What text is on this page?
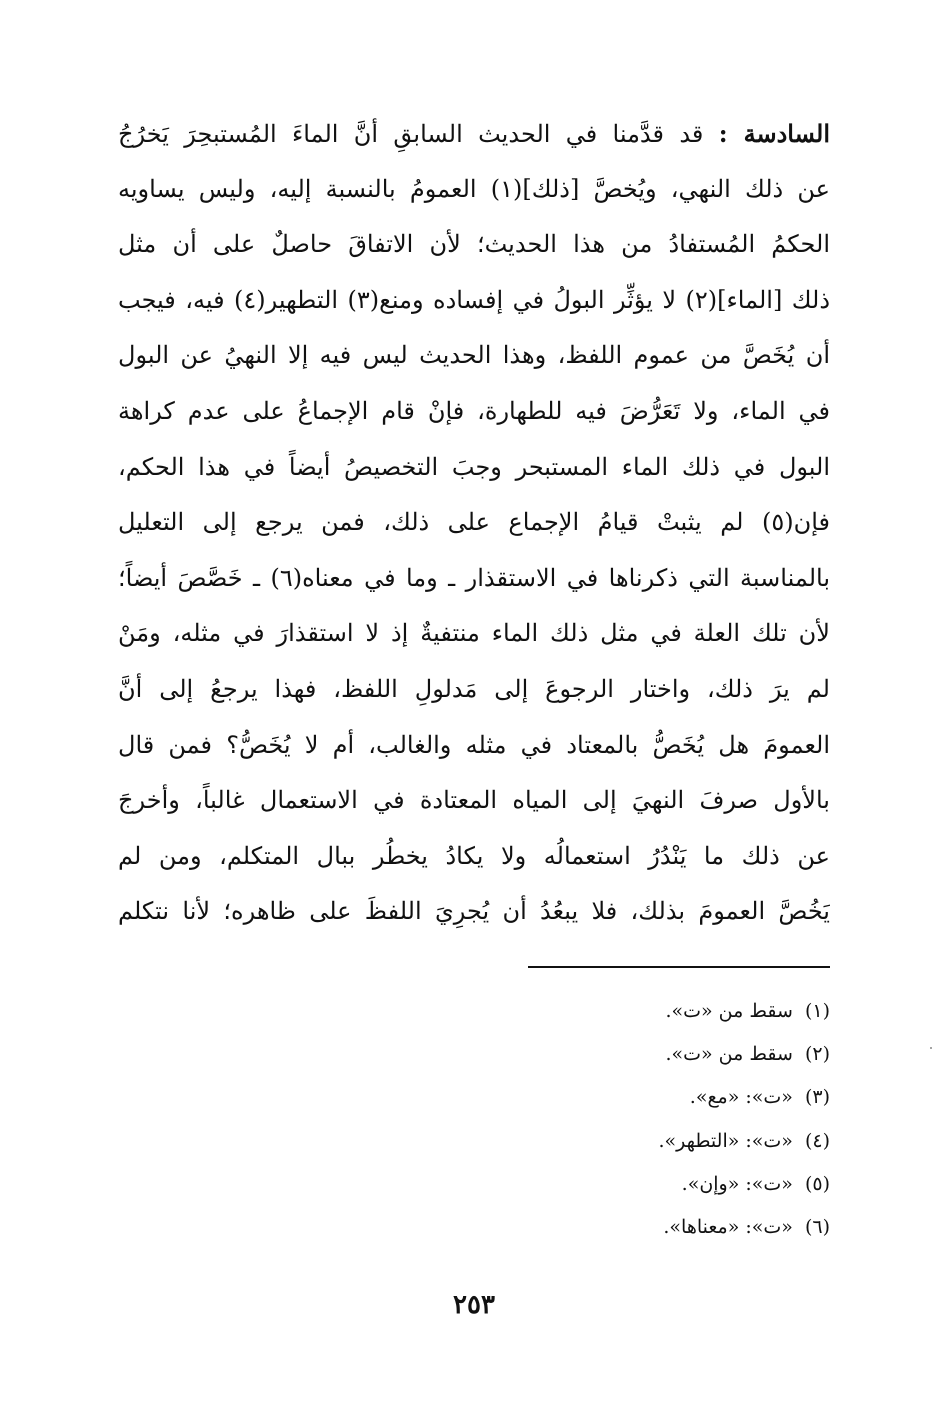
السادسة : قد قدَّمنا في الحديث السابقِ أنَّ الماءَ المُستبحِرَ يَخرُجُ
عن ذلك النهي، ويُخصَّ [ذلك](١) العمومُ بالنسبة إليه، وليس يساويه
الحكمُ المُستفادُ من هذا الحديث؛ لأن الاتفاقَ حاصلٌ على أن مثل
ذلك [الماء](٢) لا يؤثِّر البولُ في إفساده ومنع(٣) التطهير(٤) فيه، فيجب
أن يُخَصَّ من عموم اللفظ، وهذا الحديث ليس فيه إلا النهيُ عن البول
في الماء، ولا تَعَرُّضَ فيه للطهارة، فإنْ قام الإجماعُ على عدم كراهة
البول في ذلك الماء المستبحر وجبَ التخصيصُ أيضاً في هذا الحكم،
فإن(٥) لم يثبتْ قيامُ الإجماع على ذلك، فمن يرجع إلى التعليل
بالمناسبة التي ذكرناها في الاستقذار ـ وما في معناه(٦) ـ خَصَّصَ أيضاً؛
لأن تلك العلة في مثل ذلك الماء منتفيةٌ إذ لا استقذارَ في مثله، ومَنْ
لم يرَ ذلك، واختار الرجوعَ إلى مَدلولِ اللفظ، فهذا يرجعُ إلى أنَّ
العمومَ هل يُخَصُّ بالمعتاد في مثله والغالب، أم لا يُخَصُّ؟ فمن قال
بالأول صرفَ النهيَ إلى المياه المعتادة في الاستعمال غالباً، وأخرجَ
عن ذلك ما يَنْدُرُ استعمالُه ولا يكادُ يخطُر ببال المتكلم، ومن لم
يَخُصَّ العمومَ بذلك، فلا يبعُدُ أن يُجرِيَ اللفظَ على ظاهره؛ لأنا نتكلم
(١)سقط من «ت».
(٢)سقط من «ت».
(٣)«ت»: «مع».
(٤)«ت»: «التطهر».
(٥)«ت»: «وإن».
(٦)«ت»: «معناها».
٢٥٣
